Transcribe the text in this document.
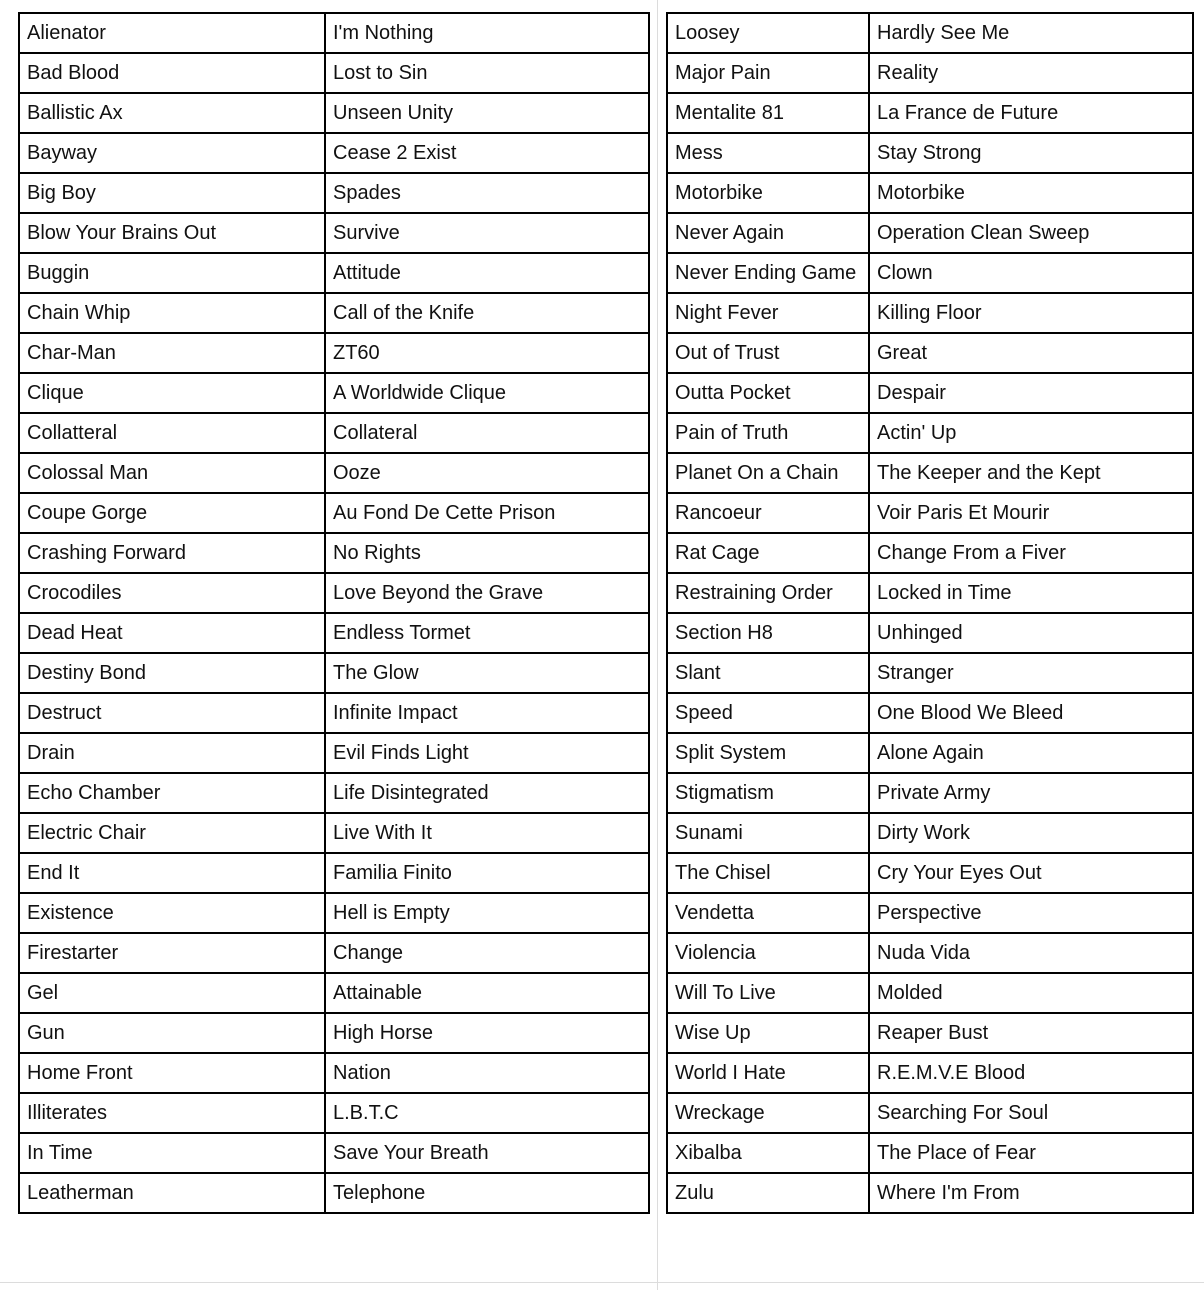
Alienator	I'm Nothing
Bad Blood	Lost to Sin
Ballistic Ax	Unseen Unity
Bayway	Cease 2 Exist
Big Boy	Spades
Blow Your Brains Out	Survive
Buggin	Attitude
Chain Whip	Call of the Knife
Char-Man	ZT60
Clique	A Worldwide Clique
Collatteral	Collateral
Colossal Man	Ooze
Coupe Gorge	Au Fond De Cette Prison
Crashing Forward	No Rights
Crocodiles	Love Beyond the Grave
Dead Heat	Endless Tormet
Destiny Bond	The Glow
Destruct	Infinite Impact
Drain	Evil Finds Light
Echo Chamber	Life Disintegrated
Electric Chair	Live With It
End It	Familia Finito
Existence	Hell is Empty
Firestarter	Change
Gel	Attainable
Gun	High Horse
Home Front	Nation
Illiterates	L.B.T.C
In Time	Save Your Breath
Leatherman	Telephone
Loosey	Hardly See Me
Major Pain	Reality
Mentalite 81	La France de Future
Mess	Stay Strong
Motorbike	Motorbike
Never Again	Operation Clean Sweep
Never Ending Game	Clown
Night Fever	Killing Floor
Out of Trust	Great
Outta Pocket	Despair
Pain of Truth	Actin' Up
Planet On a Chain	The Keeper and the Kept
Rancoeur	Voir Paris Et Mourir
Rat Cage	Change From a Fiver
Restraining Order	Locked in Time
Section H8	Unhinged
Slant	Stranger
Speed	One Blood We Bleed
Split System	Alone Again
Stigmatism	Private Army
Sunami	Dirty Work
The Chisel	Cry Your Eyes Out
Vendetta	Perspective
Violencia	Nuda Vida
Will To Live	Molded
Wise Up	Reaper Bust
World I Hate	R.E.M.V.E Blood
Wreckage	Searching For Soul
Xibalba	The Place of Fear
Zulu	Where I'm From
